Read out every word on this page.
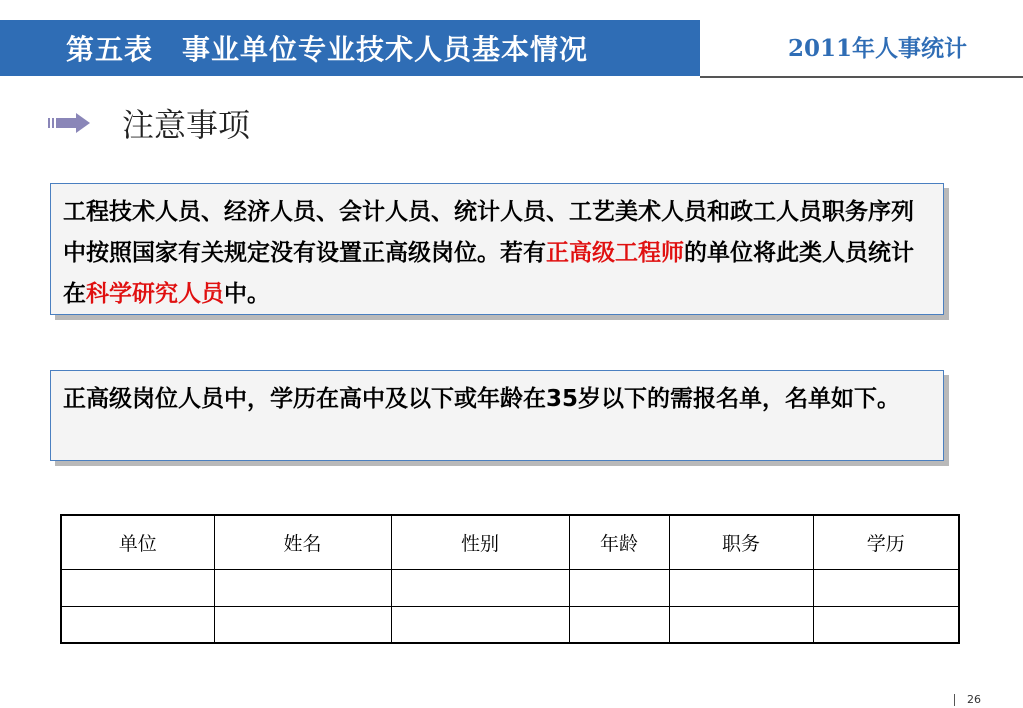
第五表　事业单位专业技术人员基本情况	2011年人事统计
注意事项
工程技术人员、经济人员、会计人员、统计人员、工艺美术人员和政工人员职务序列中按照国家有关规定没有设置正高级岗位。若有正高级工程师的单位将此类人员统计在科学研究人员中。
正高级岗位人员中，学历在高中及以下或年龄在35岁以下的需报名单，名单如下。
单位	姓名	性别	年龄	职务	学历

26
